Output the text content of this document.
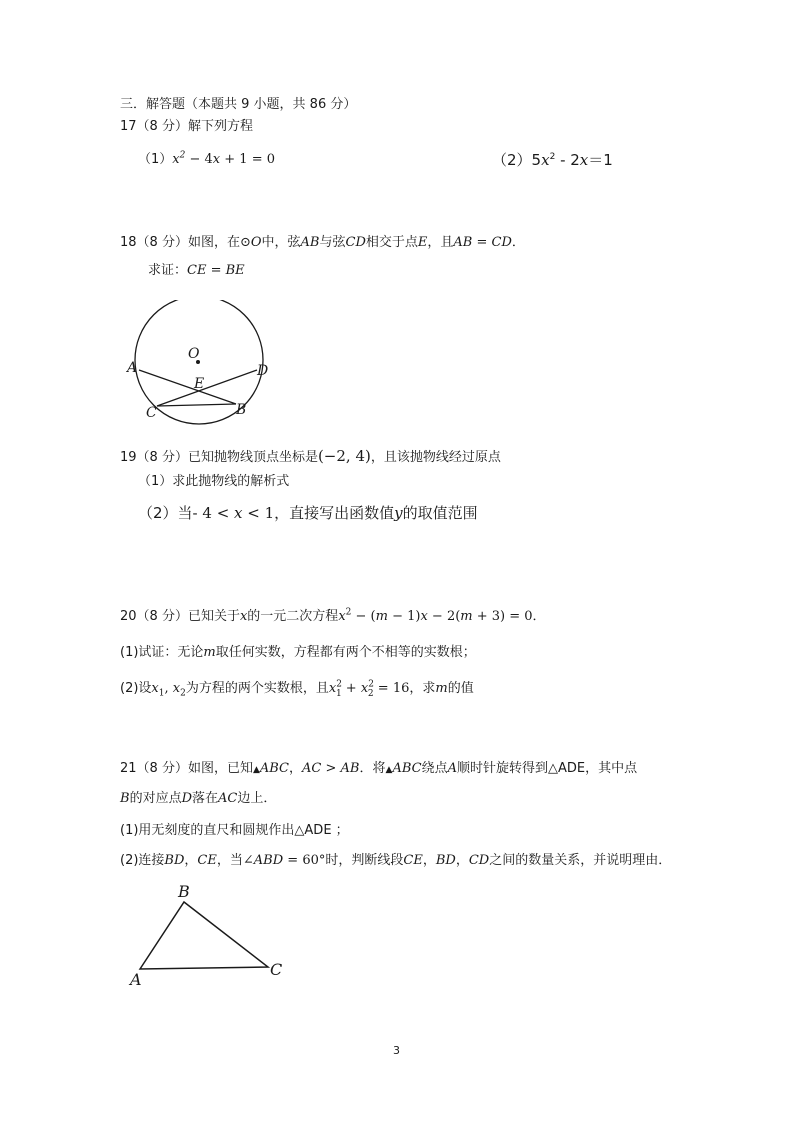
三．解答题（本题共 9 小题，共 86 分）
17（8 分）解下列方程
$(1)x^2 - 4x + 1 = 0$	$(2)5x^2 - 2x=1$
18（8 分）如图，在⊙O中，弦AB与弦CD相交于点E，且AB = CD．
求证：CE = BE
O
A	D
E
C	B
19（8 分）已知抛物线顶点坐标是(−2, 4)，且该抛物线经过原点
（1）求此抛物线的解析式
（2）当- 4 < x < 1，直接写出函数值y的取值范围
20（8 分）已知关于x的一元二次方程$x^2 - (m - 1)x - 2(m + 3) = 0$．
(1)试证：无论m取任何实数，方程都有两个不相等的实数根；
(2)设$x_1$, $x_2$为方程的两个实数根，且$x^2_1 + x^2_2 = 16$，求m的值
21（8 分）如图，已知▲ABC，AC > AB．将▲ABC绕点A顺时针旋转得到△ADE，其中点
B的对应点D落在AC边上．
(1)用无刻度的直尺和圆规作出△ADE ；
(2)连接BD，CE，当∠ABD = 60°时，判断线段CE，BD，CD之间的数量关系，并说明理由．
B
A
C
3
